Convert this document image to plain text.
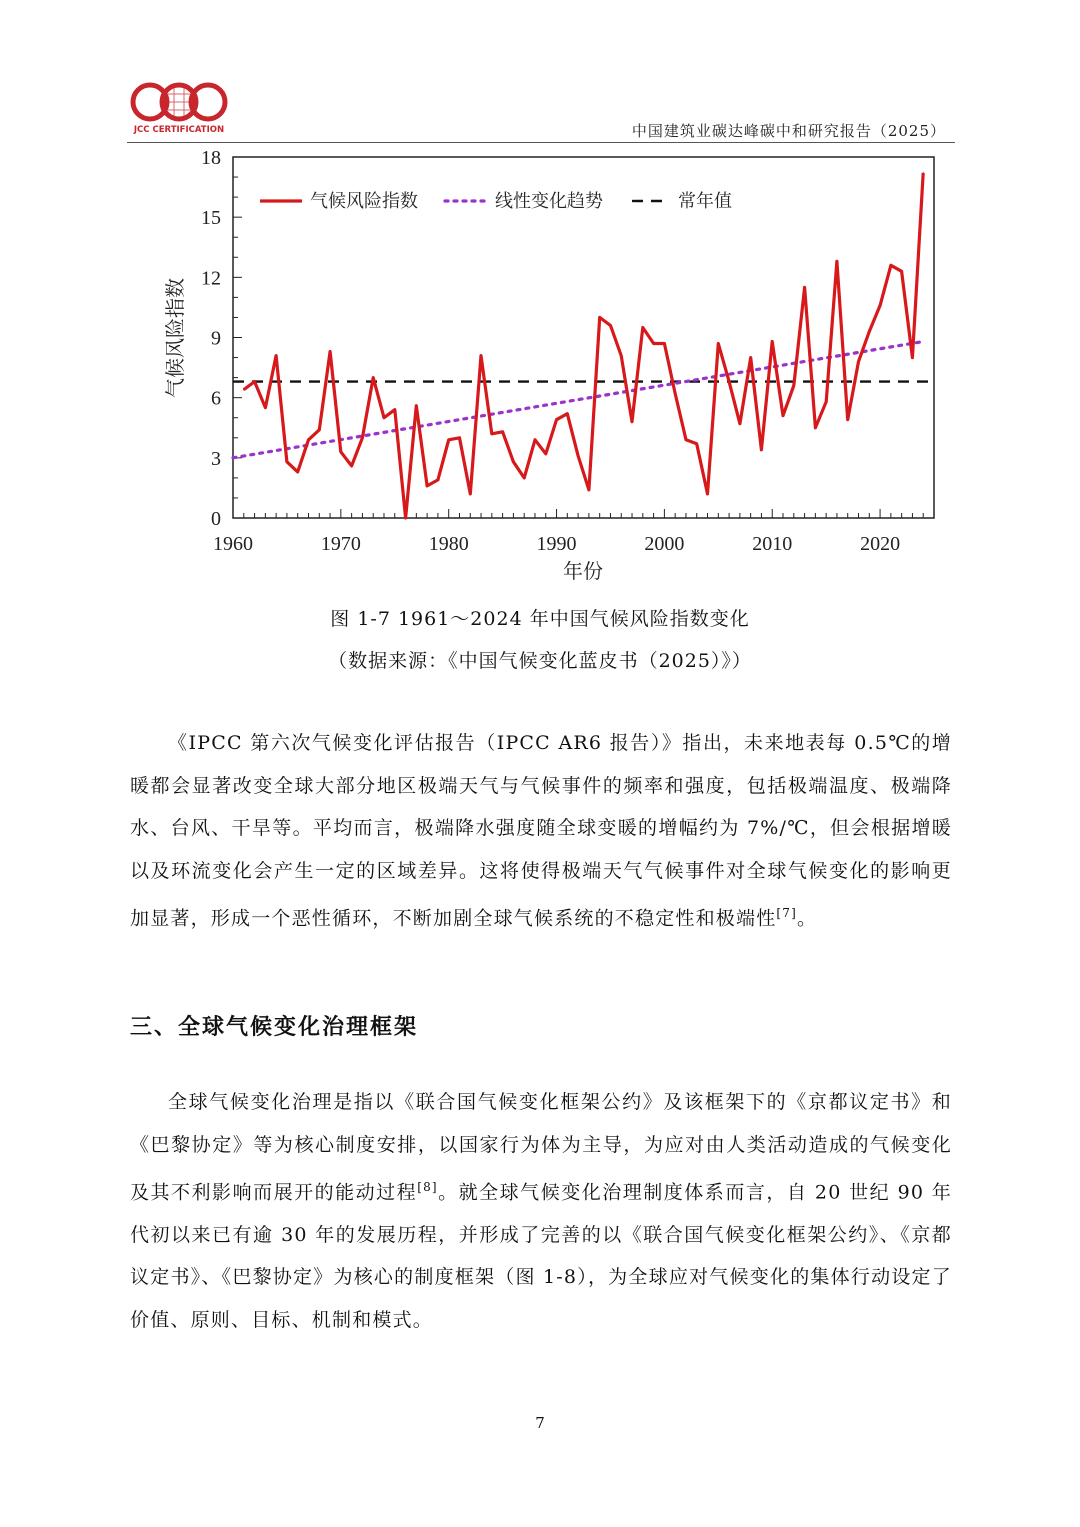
JCC CERTIFICATION	中国建筑业碳达峰碳中和研究报告（2025）
1960	1970	1980	1990	2000	2010	2020
0
3
6
9
12
15
18
气候风险指数	线性变化趋势	常年值
年份
气候风险指数
图 1-7 1961～2024 年中国气候风险指数变化
（数据来源：《中国气候变化蓝皮书（2025）》）

《IPCC 第六次气候变化评估报告（IPCC AR6 报告）》指出，未来地表每 0.5℃的增暖都会显著改变全球大部分地区极端天气与气候事件的频率和强度，包括极端温度、极端降水、台风、干旱等。平均而言，极端降水强度随全球变暖的增幅约为 7%/℃，但会根据增暖以及环流变化会产生一定的区域差异。这将使得极端天气气候事件对全球气候变化的影响更加显著，形成一个恶性循环，不断加剧全球气候系统的不稳定性和极端性[7]。

三、全球气候变化治理框架

全球气候变化治理是指以《联合国气候变化框架公约》及该框架下的《京都议定书》和《巴黎协定》等为核心制度安排，以国家行为体为主导，为应对由人类活动造成的气候变化及其不利影响而展开的能动过程[8]。就全球气候变化治理制度体系而言，自 20 世纪 90 年代初以来已有逾 30 年的发展历程，并形成了完善的以《联合国气候变化框架公约》、《京都议定书》、《巴黎协定》为核心的制度框架（图 1-8），为全球应对气候变化的集体行动设定了价值、原则、目标、机制和模式。

7
